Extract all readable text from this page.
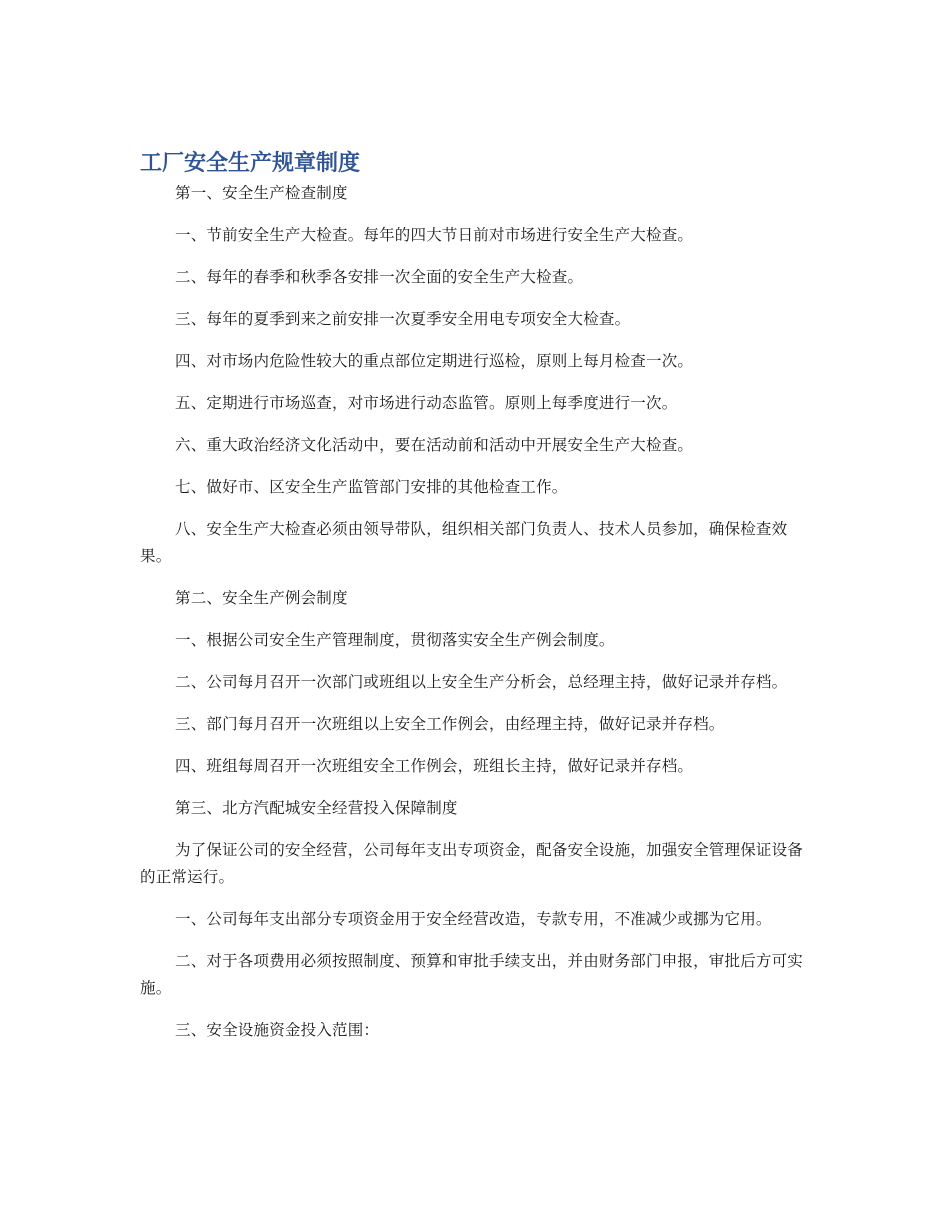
工厂安全生产规章制度

第一、安全生产检查制度

一、节前安全生产大检查。每年的四大节日前对市场进行安全生产大检查。

二、每年的春季和秋季各安排一次全面的安全生产大检查。

三、每年的夏季到来之前安排一次夏季安全用电专项安全大检查。

四、对市场内危险性较大的重点部位定期进行巡检，原则上每月检查一次。

五、定期进行市场巡查，对市场进行动态监管。原则上每季度进行一次。

六、重大政治经济文化活动中，要在活动前和活动中开展安全生产大检查。

七、做好市、区安全生产监管部门安排的其他检查工作。

八、安全生产大检查必须由领导带队，组织相关部门负责人、技术人员参加，确保检查效果。

第二、安全生产例会制度

一、根据公司安全生产管理制度，贯彻落实安全生产例会制度。

二、公司每月召开一次部门或班组以上安全生产分析会，总经理主持，做好记录并存档。

三、部门每月召开一次班组以上安全工作例会，由经理主持，做好记录并存档。

四、班组每周召开一次班组安全工作例会，班组长主持，做好记录并存档。

第三、北方汽配城安全经营投入保障制度

为了保证公司的安全经营，公司每年支出专项资金，配备安全设施，加强安全管理保证设备的正常运行。

一、公司每年支出部分专项资金用于安全经营改造，专款专用，不准减少或挪为它用。

二、对于各项费用必须按照制度、预算和审批手续支出，并由财务部门申报，审批后方可实施。

三、安全设施资金投入范围：
